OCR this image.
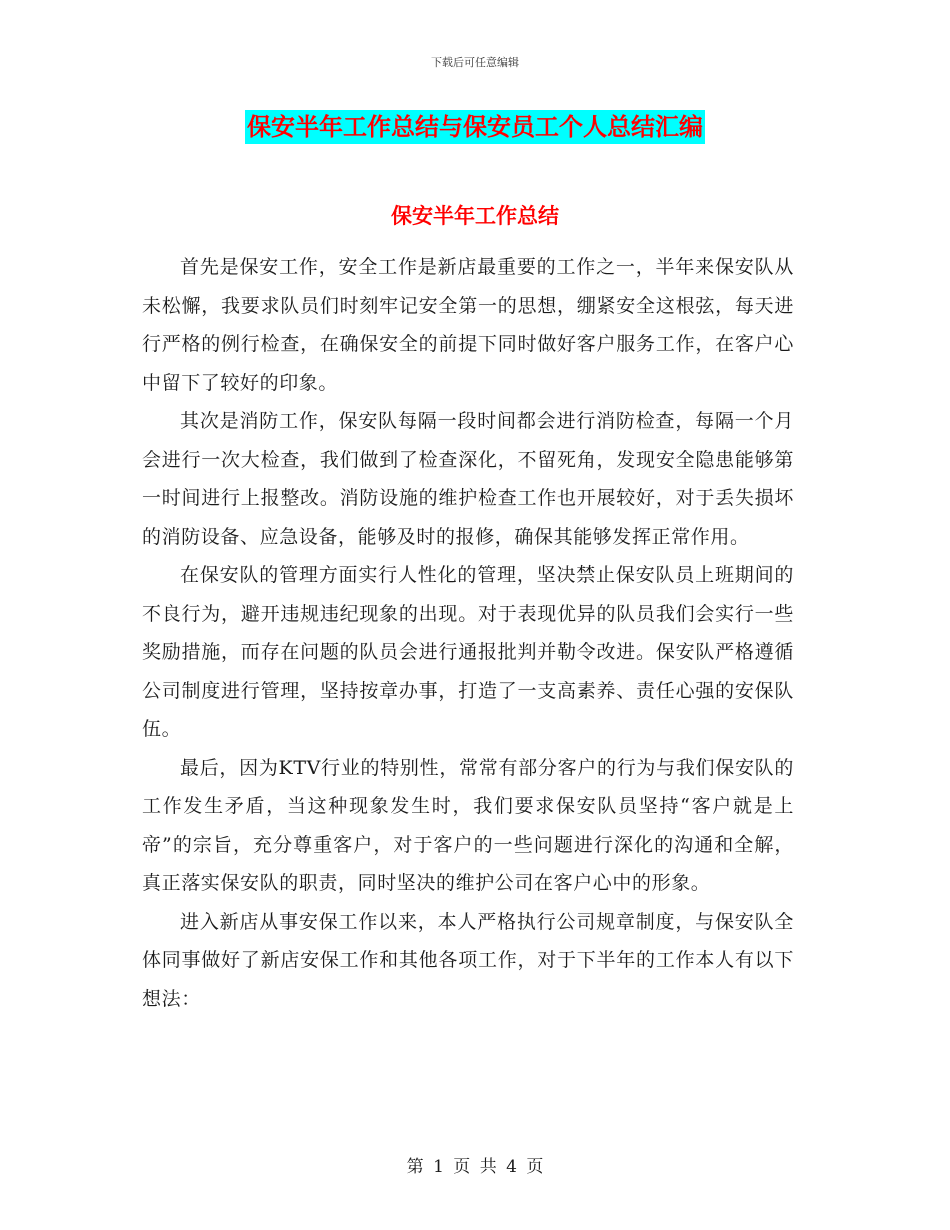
下载后可任意编辑
保安半年工作总结与保安员工个人总结汇编
保安半年工作总结

首先是保安工作，安全工作是新店最重要的工作之一，半年来保安队从未松懈，我要求队员们时刻牢记安全第一的思想，绷紧安全这根弦，每天进行严格的例行检查，在确保安全的前提下同时做好客户服务工作，在客户心中留下了较好的印象。

其次是消防工作，保安队每隔一段时间都会进行消防检查，每隔一个月会进行一次大检查，我们做到了检查深化，不留死角，发现安全隐患能够第一时间进行上报整改。消防设施的维护检查工作也开展较好，对于丢失损坏的消防设备、应急设备，能够及时的报修，确保其能够发挥正常作用。

在保安队的管理方面实行人性化的管理，坚决禁止保安队员上班期间的不良行为，避开违规违纪现象的出现。对于表现优异的队员我们会实行一些奖励措施，而存在问题的队员会进行通报批判并勒令改进。保安队严格遵循公司制度进行管理，坚持按章办事，打造了一支高素养、责任心强的安保队伍。

最后，因为KTV行业的特别性，常常有部分客户的行为与我们保安队的工作发生矛盾，当这种现象发生时，我们要求保安队员坚持“客户就是上帝”的宗旨，充分尊重客户，对于客户的一些问题进行深化的沟通和全解，真正落实保安队的职责，同时坚决的维护公司在客户心中的形象。

进入新店从事安保工作以来，本人严格执行公司规章制度，与保安队全体同事做好了新店安保工作和其他各项工作，对于下半年的工作本人有以下想法：

第 1 页 共 4 页
